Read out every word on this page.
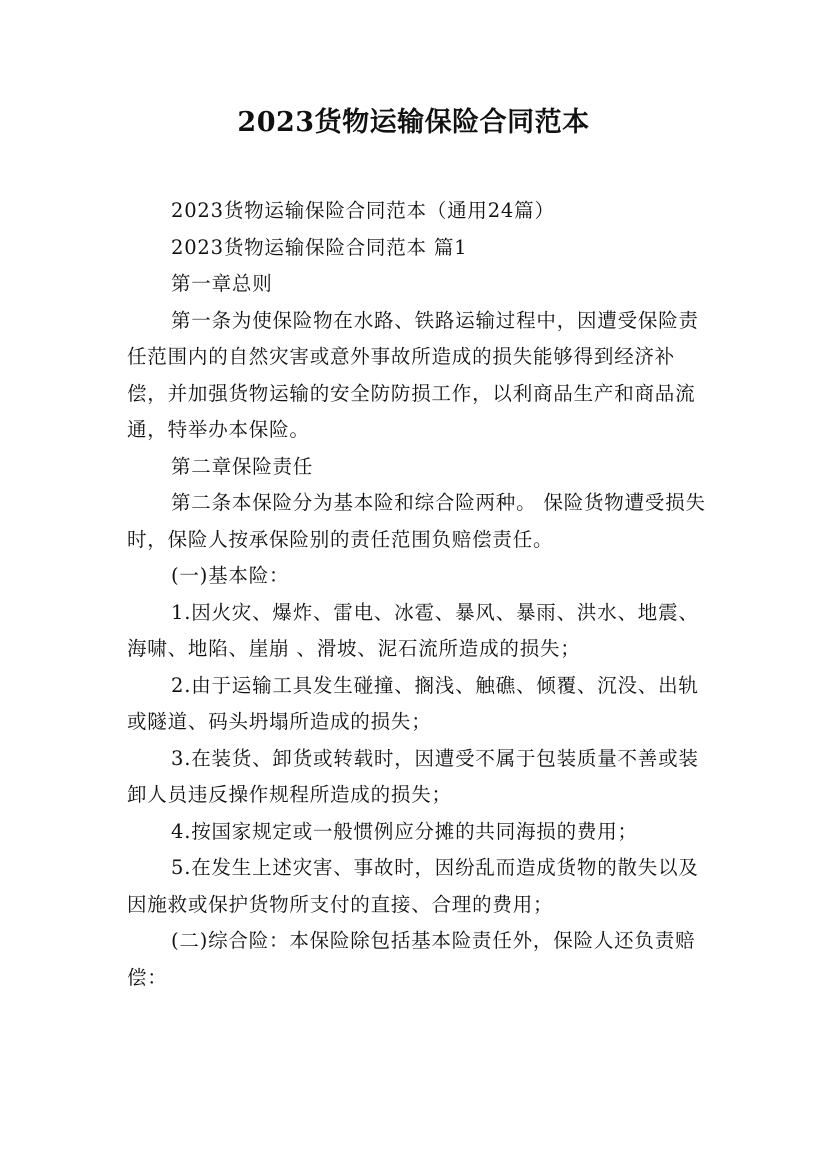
2023货物运输保险合同范本

2023货物运输保险合同范本（通用24篇）

2023货物运输保险合同范本 篇1

第一章总则

第一条为使保险物在水路、铁路运输过程中，因遭受保险责任范围内的自然灾害或意外事故所造成的损失能够得到经济补偿，并加强货物运输的安全防防损工作，以利商品生产和商品流通，特举办本保险。

第二章保险责任

第二条本保险分为基本险和综合险两种。 保险货物遭受损失时，保险人按承保险别的责任范围负赔偿责任。

(一)基本险：

1.因火灾、爆炸、雷电、冰雹、暴风、暴雨、洪水、地震、 海啸、地陷、崖崩 、滑坡、泥石流所造成的损失；

2.由于运输工具发生碰撞、搁浅、触礁、倾覆、沉没、出轨或隧道、码头坍塌所造成的损失；

3.在装货、卸货或转载时，因遭受不属于包装质量不善或装卸人员违反操作规程所造成的损失；

4.按国家规定或一般惯例应分摊的共同海损的费用；

5.在发生上述灾害、事故时，因纷乱而造成货物的散失以及因施救或保护货物所支付的直接、合理的费用；

(二)综合险：本保险除包括基本险责任外，保险人还负责赔偿：
